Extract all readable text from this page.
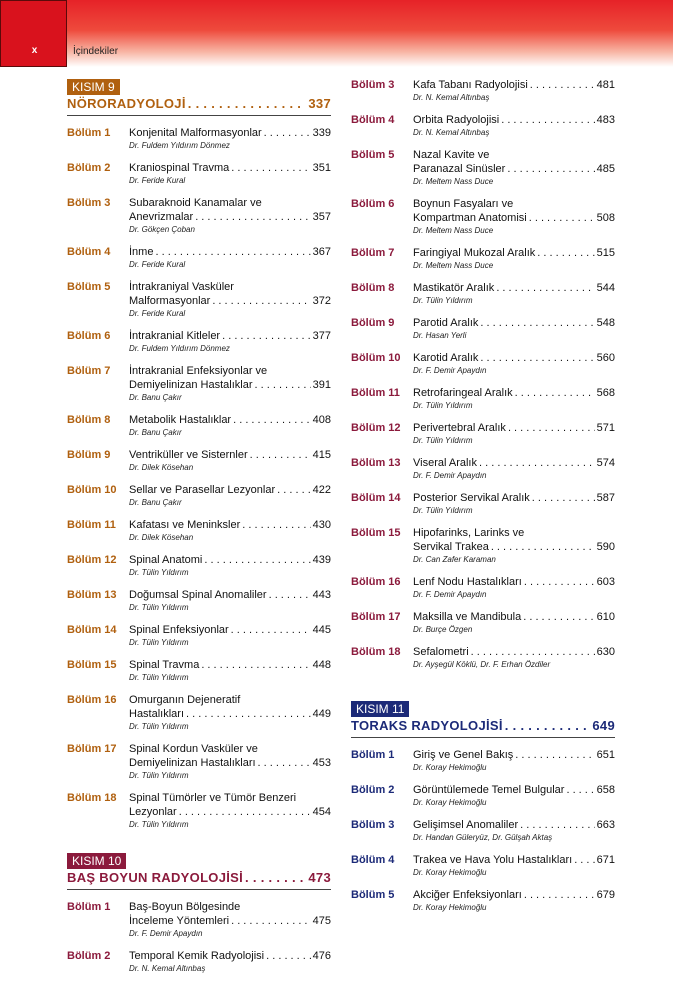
x	İçindekiler
KISIM 9
NÖRORADYOLOJİ . . .	337
Bölüm 1	Konjenital Malformasyonlar . . .	339
Dr. Fuldem Yıldırım Dönmez
Bölüm 2	Kraniospinal Travma . . .	351
Dr. Feride Kural
Bölüm 3	Subaraknoid Kanamalar ve
Anevrizmalar . . .	357
Dr. Gökçen Çoban
Bölüm 4	İnme . . .	367
Dr. Feride Kural
Bölüm 5	İntrakraniyal Vasküler
Malformasyonlar . . .	372
Dr. Feride Kural
Bölüm 6	İntrakranial Kitleler . . .	377
Dr. Fuldem Yıldırım Dönmez
Bölüm 7	İntrakranial Enfeksiyonlar ve
Demiyelinizan Hastalıklar . . .	391
Dr. Banu Çakır
Bölüm 8	Metabolik Hastalıklar . . .	408
Dr. Banu Çakır
Bölüm 9	Ventriküller ve Sisternler . . .	415
Dr. Dilek Kösehan
Bölüm 10	Sellar ve Parasellar Lezyonlar . . .	422
Dr. Banu Çakır
Bölüm 11	Kafatası ve Meninksler . . .	430
Dr. Dilek Kösehan
Bölüm 12	Spinal Anatomi . . .	439
Dr. Tülin Yıldırım
Bölüm 13	Doğumsal Spinal Anomaliler . . .	443
Dr. Tülin Yıldırım
Bölüm 14	Spinal Enfeksiyonlar . . .	445
Dr. Tülin Yıldırım
Bölüm 15	Spinal Travma . . .	448
Dr. Tülin Yıldırım
Bölüm 16	Omurganın Dejeneratif
Hastalıkları . . .	449
Dr. Tülin Yıldırım
Bölüm 17	Spinal Kordun Vasküler ve
Demiyelinizan Hastalıkları . . .	453
Dr. Tülin Yıldırım
Bölüm 18	Spinal Tümörler ve Tümör Benzeri
Lezyonlar . . .	454
Dr. Tülin Yıldırım
KISIM 10
BAŞ BOYUN RADYOLOJİSİ . . .	473
Bölüm 1	Baş-Boyun Bölgesinde
İnceleme Yöntemleri . . .	475
Dr. F. Demir Apaydın
Bölüm 2	Temporal Kemik Radyolojisi . . .	476
Dr. N. Kemal Altınbaş
Bölüm 3	Kafa Tabanı Radyolojisi . . .	481
Dr. N. Kemal Altınbaş
Bölüm 4	Orbita Radyolojisi . . .	483
Dr. N. Kemal Altınbaş
Bölüm 5	Nazal Kavite ve
Paranazal Sinüsler . . .	485
Dr. Meltem Nass Duce
Bölüm 6	Boynun Fasyaları ve
Kompartman Anatomisi . . .	508
Dr. Meltem Nass Duce
Bölüm 7	Faringiyal Mukozal Aralık . . .	515
Dr. Meltem Nass Duce
Bölüm 8	Mastikatör Aralık . . .	544
Dr. Tülin Yıldırım
Bölüm 9	Parotid Aralık . . .	548
Dr. Hasan Yerli
Bölüm 10	Karotid Aralık . . .	560
Dr. F. Demir Apaydın
Bölüm 11	Retrofaringeal Aralık . . .	568
Dr. Tülin Yıldırım
Bölüm 12	Perivertebral Aralık . . .	571
Dr. Tülin Yıldırım
Bölüm 13	Viseral Aralık . . .	574
Dr. F. Demir Apaydın
Bölüm 14	Posterior Servikal Aralık . . .	587
Dr. Tülin Yıldırım
Bölüm 15	Hipofarinks, Larinks ve
Servikal Trakea . . .	590
Dr. Can Zafer Karaman
Bölüm 16	Lenf Nodu Hastalıkları . . .	603
Dr. F. Demir Apaydın
Bölüm 17	Maksilla ve Mandibula . . .	610
Dr. Burçe Özgen
Bölüm 18	Sefalometri . . .	630
Dr. Ayşegül Köklü, Dr. F. Erhan Özdiler
KISIM 11
TORAKS RADYOLOJİSİ . . .	649
Bölüm 1	Giriş ve Genel Bakış . . .	651
Dr. Koray Hekimoğlu
Bölüm 2	Görüntülemede Temel Bulgular . . .	658
Dr. Koray Hekimoğlu
Bölüm 3	Gelişimsel Anomaliler . . .	663
Dr. Handan Güleryüz, Dr. Gülşah Aktaş
Bölüm 4	Trakea ve Hava Yolu Hastalıkları . . . 671
Dr. Koray Hekimoğlu
Bölüm 5	Akciğer Enfeksiyonları . . .	679
Dr. Koray Hekimoğlu
